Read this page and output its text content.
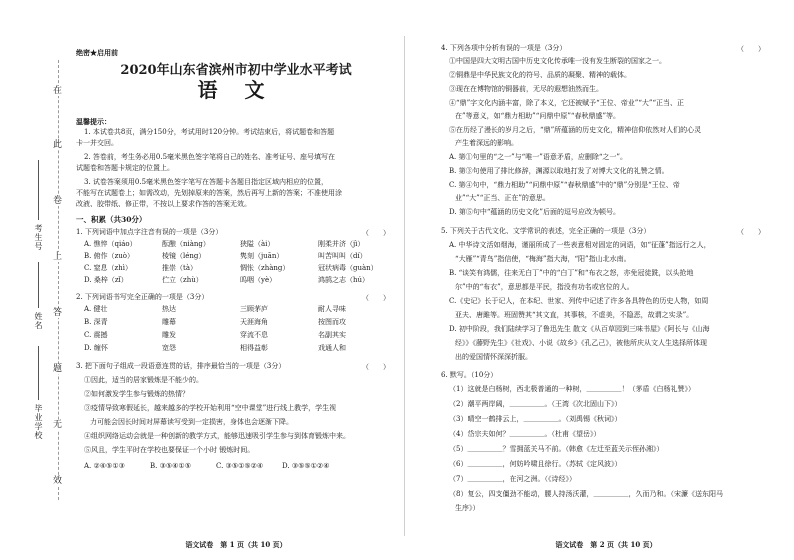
在
此
卷
上
答
题
无
效
考生号
姓名
毕业学校
绝密★启用前
2020年山东省滨州市初中学业水平考试
语 文
温馨提示：
1. 本试卷共8页，满分150分，考试用时120分钟。考试结束后，将试题卷和答题
卡一并交回。
2. 答卷前，考生务必用0.5毫米黑色签字笔将自己的姓名、准考证号、座号填写在
试题卷和答题卡规定的位置上。
3. 试卷答案须用0.5毫米黑色签字笔写在答题卡各题目指定区域内相应的位置，
不能写在试题卷上；如需改动，先划掉原来的答案，然后再写上新的答案；不准使用涂
改液、胶带纸、修正带，不按以上要求作答的答案无效。
一、积累（共30分）
1. 下列词语中加点字注音有误的一项是（3分）	（　　）
A. 憔悴（qiáo）	酝酿（niàng）	狭隘（ài）	刚柔并济（jì）
B. 俯作（zuò）	棱镜（léng）	隽刻（juān）	叫苦叫叫（dí）
C. 窒息（zhì）	推崇（tà）	惆怅（zhàng）	冠状病毒（guàn）
D. 桑梓（zǐ）	伫立（zhù）	呜咽（yè）	鸿鹄之志（hú）
2. 下列词语书写完全正确的一项是（3分）	（　　）
A. 健壮	热达	三顾茅庐	耐人寻味
B. 深青	雕幕	天涯海角	按图而攻
C. 震撼	雕发	穿流不息	名副其实
D. 缠怀	宽怨	相得益彰	戏通人和
3. 把下面句子组成一段语意连贯的话，排序最恰当的一项是（3分）	（　　）
①因此，适当的居家锻炼是不能少的。
②如何激发学生参与锻炼的热情？
③疫情导致寒假延长，越来越多的学校开始利用“空中课堂”进行线上教学，学生视
力可能会因长时间对屏幕读写受到一定损害，身体也会逐渐下降。
④组织网络运动会就是一种创新的教学方式，能够迅速吸引学生参与到体育锻炼中来。
⑤风且，学生平时在学校也要保证一个小时 锻炼时间。
A. ②④⑤①③	B. ③⑤④①⑤	C. ③⑤①⑤②④	D. ③⑤⑤①②④
语文试卷　第 1 页（共 10 页）
4. 下列各项中分析有误的一项是（3分）	（　　）
①中国是四大文明古国中历史文化传承唯一没有发生断裂的国家之一。
②铜鼎是中华民族文化的符号、品质的凝聚、精神的载体。
③现在在博物馆的铜器前，无尽的遐想油然而生。
④“鼎”字文化内涵丰富，除了本义，它还被赋予“王位、帝业”“大”“正当、正
在”等意义，如“鼎力相助”“问鼎中原”“春秋鼎盛”等。
⑤在历经了漫长的岁月之后，“鼎”所蕴涵的历史文化，精神信仰依然对人们的心灵
产生着深远的影响。
A. 第①句里的“之一”与“唯一”语意矛盾，应删除“之一”。
B. 第③句使用了排比修辞，渊源以取地打发了对博大文化的礼赞之情。
C. 第④句中，“鼎力相助”“问鼎中原”“春秋鼎盛”中的“鼎”分别是“王位、帝
业”“大”“正当、正在”的意思。
D. 第⑤句中“蕴涵的历史文化”后面的逗号应改为顿号。
5. 下列关于古代文化、文学常识的表述，完全正确的一项是（3分）	（　　）
A. 中华诗文活如烟海，谨丽所成了一些表意相对固定的词语，如“征蓬”指远行之人，
“大雁”“青鸟”指信使，“梅海”指大海，“阳”指山北水南。
B. “谈笑有鸿儒，往来无白丁”中的“白丁”和“布衣之怒，亦免冠徒跣，以头抢地
尔”中的“布衣”，意思都是平民，指没有功名或官位的人。
C.《史记》长于记人，在本纪、世家、列传中记述了许多各具特色的历史人物，如周
亚夫、唐雎等。班固赞其“其文直，其事核，不虚美，不隐恶，故谓之实录”。
D. 初中阶段，我们陆续学习了鲁迅先生 散文《从百草园到三味书屋》《阿长与《山海
经》》《藤野先生》《社戏》、小说《故乡》《孔乙己》，被他所庆从文人生选择所体现
出的爱国情怀深深折服。
6. 默写。（10分）
（1）这就是白杨树，西北极普通的一种树，＿＿＿＿＿！（茅盾《白杨礼赞》）
（2）潮平两岸阔，＿＿＿＿＿。（王湾《次北固山下》）
（3）晴空一鹤排云上，＿＿＿＿＿。（刘禹锡《秋词》）
（4）岱宗夫如何？＿＿＿＿＿。（杜甫《望岳》）
（5）＿＿＿＿＿？雪拥蓝关马不前。（韩愈《左迁至蓝关示侄孙湘》）
（6）＿＿＿＿＿，何妨吟啸且徐行。（苏轼《定风波》）
（7）＿＿＿＿＿，在河之洲。（《诗经》）
（8）复公，四支僵劲不能动，腰人持汤沃灌，＿＿＿＿＿，久而乃和。（宋濂《送东阳马
生序》）
语文试卷　第 2 页（共 10 页）
